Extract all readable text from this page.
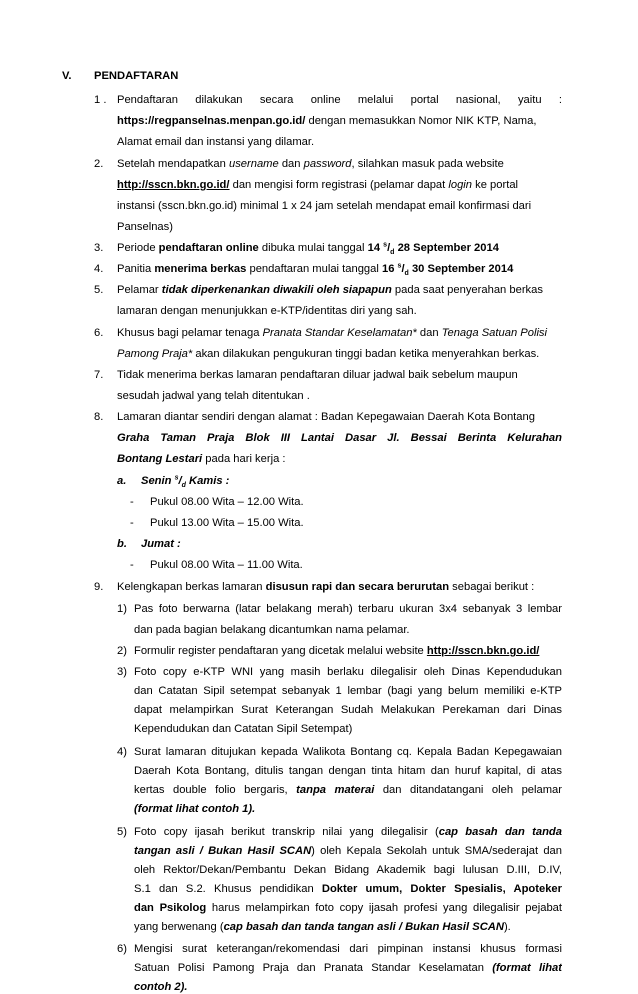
V. PENDAFTARAN
1 . Pendaftaran dilakukan secara online melalui portal nasional, yaitu :
https://regpanselnas.menpan.go.id/ dengan memasukkan Nomor NIK KTP, Nama,
Alamat email dan instansi yang dilamar.
2. Setelah mendapatkan username dan password, silahkan masuk pada website
http://sscn.bkn.go.id/ dan mengisi form registrasi (pelamar dapat login ke portal
instansi (sscn.bkn.go.id) minimal 1 x 24 jam setelah mendapat email konfirmasi dari
Panselnas)
3. Periode pendaftaran online dibuka mulai tanggal 14 $^s/_d$ 28 September 2014
4. Panitia menerima berkas pendaftaran mulai tanggal 16 $^s/_d$ 30 September 2014
5. Pelamar tidak diperkenankan diwakili oleh siapapun pada saat penyerahan berkas
lamaran dengan menunjukkan e-KTP/identitas diri yang sah.
6. Khusus bagi pelamar tenaga Pranata Standar Keselamatan* dan Tenaga Satuan Polisi
Pamong Praja* akan dilakukan pengukuran tinggi badan ketika menyerahkan berkas.
7. Tidak menerima berkas lamaran pendaftaran diluar jadwal baik sebelum maupun
sesudah jadwal yang telah ditentukan .
8. Lamaran diantar sendiri dengan alamat : Badan Kepegawaian Daerah Kota Bontang
Graha Taman Praja Blok III Lantai Dasar Jl. Bessai Berinta Kelurahan
Bontang Lestari pada hari kerja :
a. Senin $^s/_d$ Kamis :
- Pukul 08.00 Wita – 12.00 Wita.
- Pukul 13.00 Wita – 15.00 Wita.
b. Jumat :
- Pukul 08.00 Wita – 11.00 Wita.
9. Kelengkapan berkas lamaran disusun rapi dan secara berurutan sebagai berikut :
1) Pas foto berwarna (latar belakang merah) terbaru ukuran 3x4 sebanyak 3 lembar
dan pada bagian belakang dicantumkan nama pelamar.
2) Formulir register pendaftaran yang dicetak melalui website http://sscn.bkn.go.id/
3) Foto copy e-KTP WNI yang masih berlaku dilegalisir oleh Dinas Kependudukan
dan Catatan Sipil setempat sebanyak 1 lembar (bagi yang belum memiliki e-KTP
dapat melampirkan Surat Keterangan Sudah Melakukan Perekaman dari Dinas
Kependudukan dan Catatan Sipil Setempat)
4) Surat lamaran ditujukan kepada Walikota Bontang cq. Kepala Badan Kepegawaian
Daerah Kota Bontang, ditulis tangan dengan tinta hitam dan huruf kapital, di atas
kertas double folio bergaris, tanpa materai dan ditandatangani oleh pelamar
(format lihat contoh 1).
5) Foto copy ijasah berikut transkrip nilai yang dilegalisir (cap basah dan tanda
tangan asli / Bukan Hasil SCAN) oleh Kepala Sekolah untuk SMA/sederajat dan
oleh Rektor/Dekan/Pembantu Dekan Bidang Akademik bagi lulusan D.III, D.IV,
S.1 dan S.2. Khusus pendidikan Dokter umum, Dokter Spesialis, Apoteker
dan Psikolog harus melampirkan foto copy ijasah profesi yang dilegalisir pejabat
yang berwenang (cap basah dan tanda tangan asli / Bukan Hasil SCAN).
6) Mengisi surat keterangan/rekomendasi dari pimpinan instansi khusus formasi
Satuan Polisi Pamong Praja dan Pranata Standar Keselamatan (format lihat
contoh 2).
